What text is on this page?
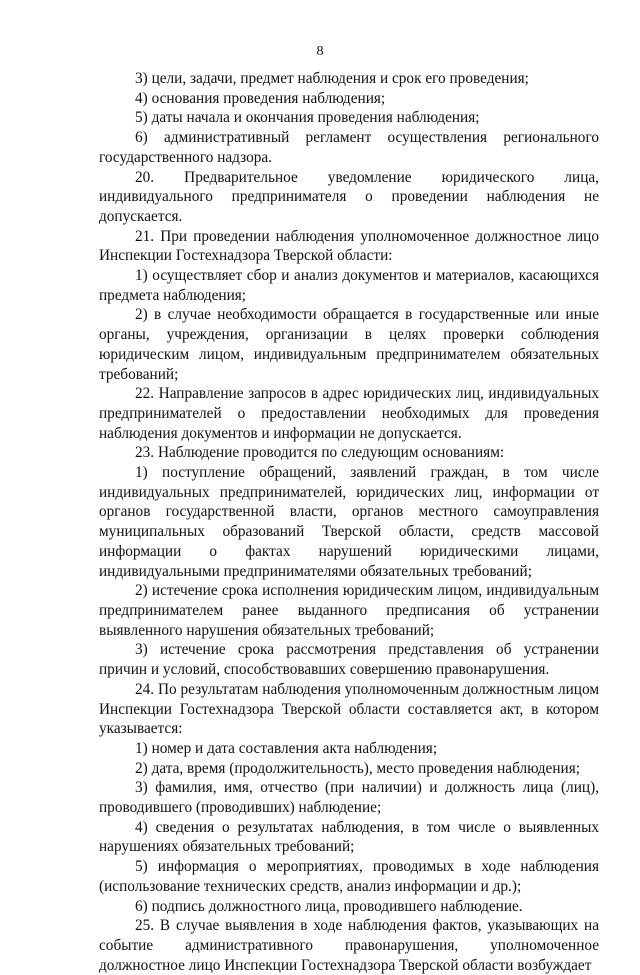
8

3) цели, задачи, предмет наблюдения и срок его проведения;

4) основания проведения наблюдения;

5) даты начала и окончания проведения наблюдения;

6) административный регламент осуществления регионального государственного надзора.

20. Предварительное уведомление юридического лица, индивидуального предпринимателя о проведении наблюдения не допускается.

21. При проведении наблюдения уполномоченное должностное лицо Инспекции Гостехнадзора Тверской области:

1) осуществляет сбор и анализ документов и материалов, касающихся предмета наблюдения;

2) в случае необходимости обращается в государственные или иные органы, учреждения, организации в целях проверки соблюдения юридическим лицом, индивидуальным предпринимателем обязательных требований;

22. Направление запросов в адрес юридических лиц, индивидуальных предпринимателей о предоставлении необходимых для проведения наблюдения документов и информации не допускается.

23. Наблюдение проводится по следующим основаниям:

1) поступление обращений, заявлений граждан, в том числе индивидуальных предпринимателей, юридических лиц, информации от органов государственной власти, органов местного самоуправления муниципальных образований Тверской области, средств массовой информации о фактах нарушений юридическими лицами, индивидуальными предпринимателями обязательных требований;

2) истечение срока исполнения юридическим лицом, индивидуальным предпринимателем ранее выданного предписания об устранении выявленного нарушения обязательных требований;

3) истечение срока рассмотрения представления об устранении причин и условий, способствовавших совершению правонарушения.

24. По результатам наблюдения уполномоченным должностным лицом Инспекции Гостехнадзора Тверской области составляется акт, в котором указывается:

1) номер и дата составления акта наблюдения;

2) дата, время (продолжительность), место проведения наблюдения;

3) фамилия, имя, отчество (при наличии) и должность лица (лиц), проводившего (проводивших) наблюдение;

4) сведения о результатах наблюдения, в том числе о выявленных нарушениях обязательных требований;

5) информация о мероприятиях, проводимых в ходе наблюдения (использование технических средств, анализ информации и др.);

6) подпись должностного лица, проводившего наблюдение.

25. В случае выявления в ходе наблюдения фактов, указывающих на событие административного правонарушения, уполномоченное должностное лицо Инспекции Гостехнадзора Тверской области возбуждает
